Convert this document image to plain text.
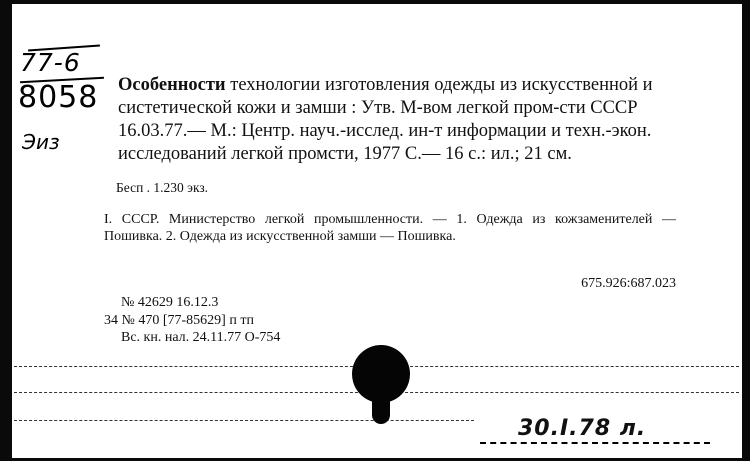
77-6
8058
Эиз
Особенности технологии изготовления одежды из искусственной и систетической кожи и замши : Утв. М-вом легкой пром-сти СССР 16.03.77.— М.: Центр. науч.-исслед. ин-т информации и техн.-экон. исследований легкой промсти, 1977 С.— 16 с.: ил.; 21 см.
Бесп . 1.230 экз.
I. СССР. Министерство легкой промышленности. — 1. Одежда из кожзаменителей — Пошивка. 2. Одежда из искусственной замши — Пошивка.
675.926:687.023
№ 42629 16.12.3
34 № 470 [77-85629] п тп
Вс. кн. нал. 24.11.77 О-754
30.I.78 л.
